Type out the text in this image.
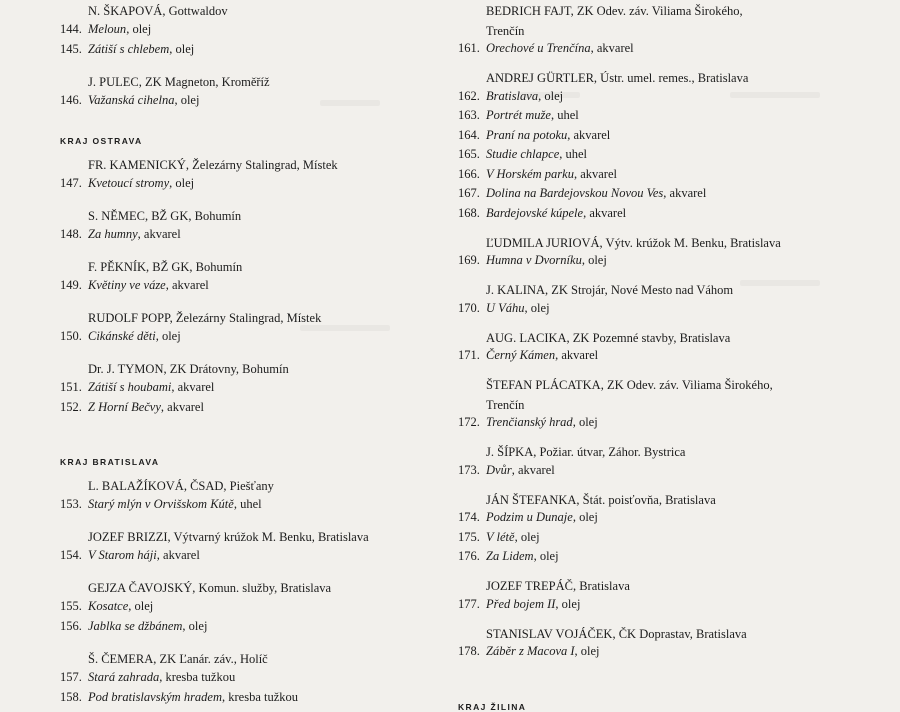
N. ŠKAPOVÁ, Gottwaldov
144. Meloun, olej
145. Zátiší s chlebem, olej
J. PULEC, ZK Magneton, Kroměříž
146. Važanská cihelna, olej
KRAJ OSTRAVA
FR. KAMENICKÝ, Železárny Stalingrad, Místek
147. Kvetoucí stromy, olej
S. NĚMEC, BŽ GK, Bohumín
148. Za humny, akvarel
F. PĚKNÍK, BŽ GK, Bohumín
149. Květiny ve váze, akvarel
RUDOLF POPP, Železárny Stalingrad, Místek
150. Cikánské děti, olej
Dr. J. TYMON, ZK Drátovny, Bohumín
151. Zátiší s houbami, akvarel
152. Z Horní Bečvy, akvarel
KRAJ BRATISLAVA
L. BALAŽÍKOVÁ, ČSAD, Piešťany
153. Starý mlýn v Orvišskom Kútě, uhel
JOZEF BRIZZI, Výtvarný krúžok M. Benku, Bratislava
154. V Starom háji, akvarel
GEJZA ČAVOJSKÝ, Komun. služby, Bratislava
155. Kosatce, olej
156. Jablka se džbánem, olej
Š. ČEMERA, ZK Ľanár. záv., Holíč
157. Stará zahrada, kresba tužkou
158. Pod bratislavským hradem, kresba tužkou
BEDRICH FAJT, ZK Odev. záv. Viliama Širokého,
Trenčín
161. Orechové u Trenčína, akvarel
ANDREJ GÜRTLER, Ústr. umel. remes., Bratislava
162. Bratislava, olej
163. Portrét muže, uhel
164. Praní na potoku, akvarel
165. Studie chlapce, uhel
166. V Horském parku, akvarel
167. Dolina na Bardejovskou Novou Ves, akvarel
168. Bardejovské kúpele, akvarel
ĽUDMILA JURIOVÁ, Výtv. krúžok M. Benku, Bratislava
169. Humna v Dvorníku, olej
J. KALINA, ZK Strojár, Nové Mesto nad Váhom
170. U Váhu, olej
AUG. LACIKA, ZK Pozemné stavby, Bratislava
171. Černý Kámen, akvarel
ŠTEFAN PLÁCATKA, ZK Odev. záv. Viliama Širokého,
Trenčín
172. Trenčianský hrad, olej
J. ŠÍPKA, Požiar. útvar, Záhor. Bystrica
173. Dvůr, akvarel
JÁN ŠTEFANKA, Štát. poisťovňa, Bratislava
174. Podzim u Dunaje, olej
175. V létě, olej
176. Za Lidem, olej
JOZEF TREPÁČ, Bratislava
177. Před bojem II, olej
STANISLAV VOJÁČEK, ČK Doprastav, Bratislava
178. Záběr z Macova I, olej
KRAJ ŽILINA
